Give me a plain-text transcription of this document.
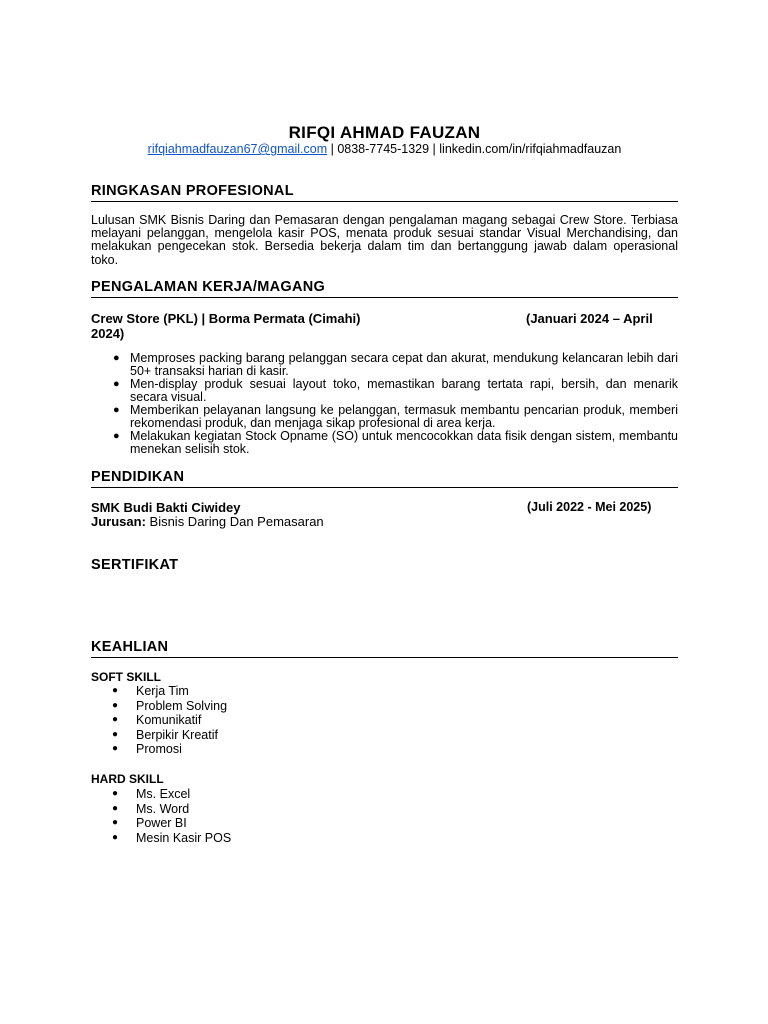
RIFQI AHMAD FAUZAN
rifqiahmadfauzan67@gmail.com | 0838-7745-1329 | linkedin.com/in/rifqiahmadfauzan
RINGKASAN PROFESIONAL
Lulusan SMK Bisnis Daring dan Pemasaran dengan pengalaman magang sebagai Crew Store. Terbiasa melayani pelanggan, mengelola kasir POS, menata produk sesuai standar Visual Merchandising, dan melakukan pengecekan stok. Bersedia bekerja dalam tim dan bertanggung jawab dalam operasional toko.
PENGALAMAN KERJA/MAGANG
Crew Store (PKL) | Borma Permata (Cimahi)	(Januari 2024 – April
2024)
● Memproses packing barang pelanggan secara cepat dan akurat, mendukung kelancaran lebih dari 50+ transaksi harian di kasir.
● Men-display produk sesuai layout toko, memastikan barang tertata rapi, bersih, dan menarik secara visual.
● Memberikan pelayanan langsung ke pelanggan, termasuk membantu pencarian produk, memberi rekomendasi produk, dan menjaga sikap profesional di area kerja.
● Melakukan kegiatan Stock Opname (SO) untuk mencocokkan data fisik dengan sistem, membantu menekan selisih stok.
PENDIDIKAN
SMK Budi Bakti Ciwidey	(Juli 2022 - Mei 2025)
Jurusan: Bisnis Daring Dan Pemasaran
SERTIFIKAT
KEAHLIAN
SOFT SKILL
● Kerja Tim
● Problem Solving
● Komunikatif
● Berpikir Kreatif
● Promosi
HARD SKILL
● Ms. Excel
● Ms. Word
● Power BI
● Mesin Kasir POS
